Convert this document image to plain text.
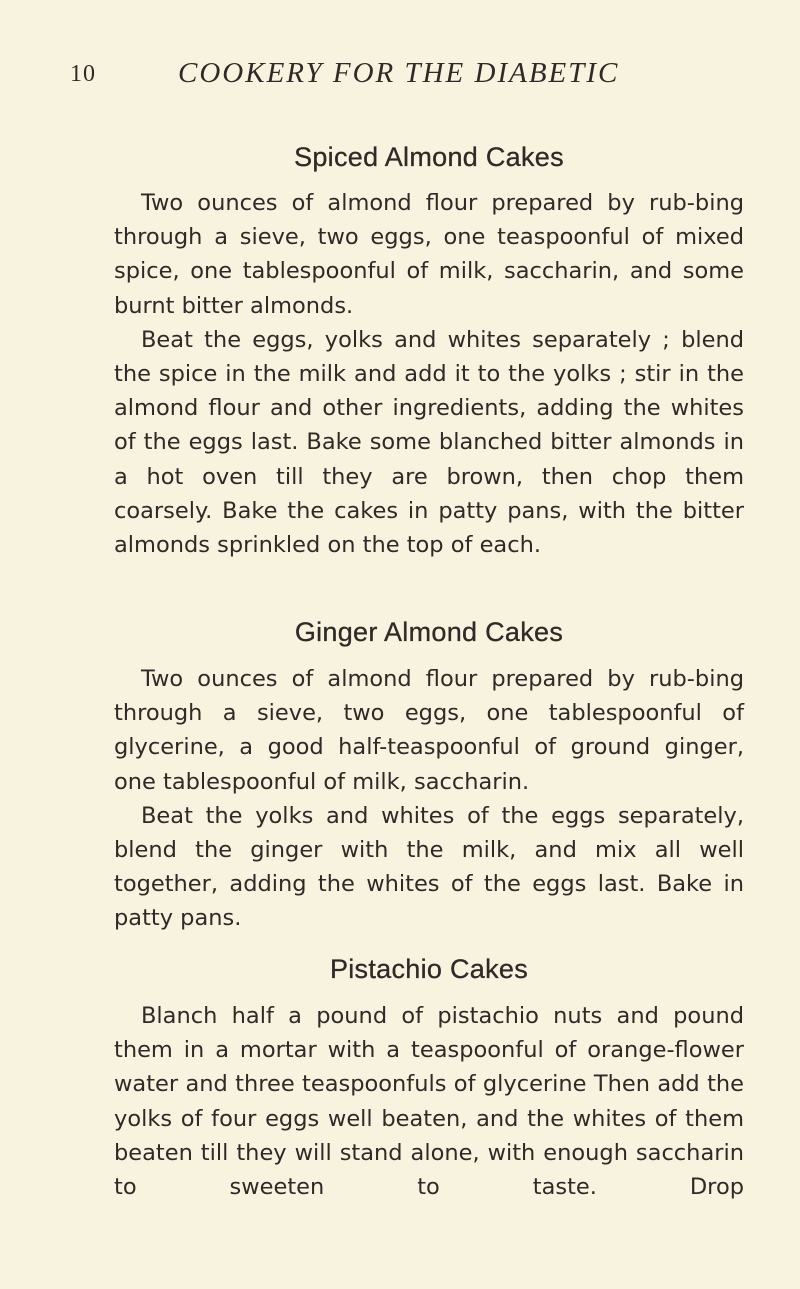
10	COOKERY FOR THE DIABETIC
Spiced Almond Cakes

Two ounces of almond flour prepared by rub-bing through a sieve, two eggs, one teaspoonful of mixed spice, one tablespoonful of milk, saccharin, and some burnt bitter almonds.

Beat the eggs, yolks and whites separately ; blend the spice in the milk and add it to the yolks ; stir in the almond flour and other ingredients, adding the whites of the eggs last. Bake some blanched bitter almonds in a hot oven till they are brown, then chop them coarsely. Bake the cakes in patty pans, with the bitter almonds sprinkled on the top of each.

Ginger Almond Cakes

Two ounces of almond flour prepared by rub-bing through a sieve, two eggs, one tablespoonful of glycerine, a good half-teaspoonful of ground ginger, one tablespoonful of milk, saccharin.

Beat the yolks and whites of the eggs separately, blend the ginger with the milk, and mix all well together, adding the whites of the eggs last. Bake in patty pans.

Pistachio Cakes

Blanch half a pound of pistachio nuts and pound them in a mortar with a teaspoonful of orange-flower water and three teaspoonfuls of glycerine Then add the yolks of four eggs well beaten, and the whites of them beaten till they will stand alone, with enough saccharin to sweeten to taste. Drop
